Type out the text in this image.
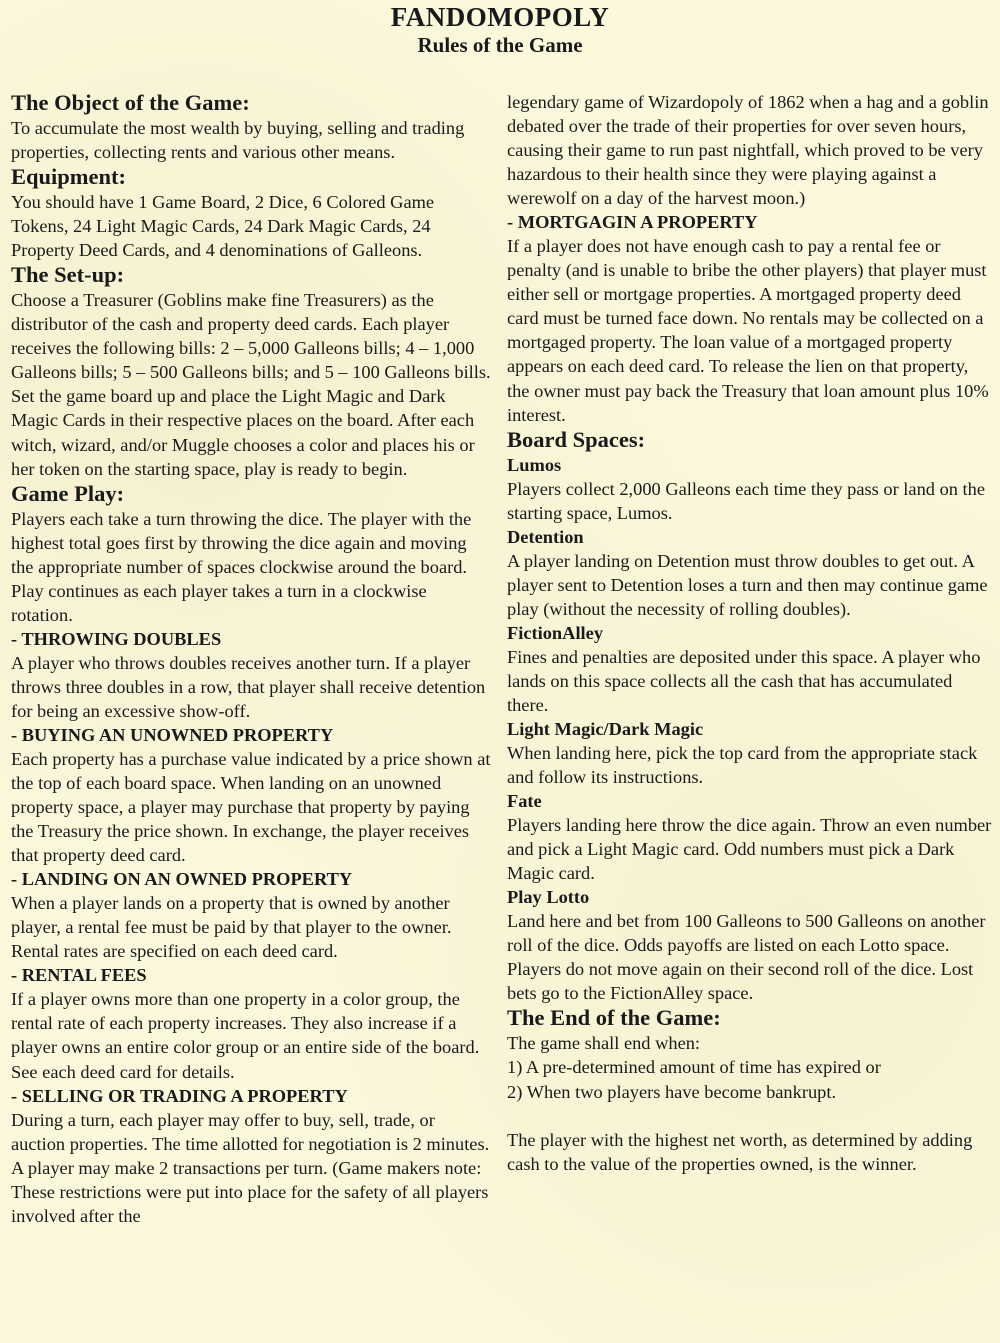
FANDOMOPOLY
Rules of the Game
The Object of the Game:

To accumulate the most wealth by buying, selling and trading properties, collecting rents and various other means.

Equipment:

You should have 1 Game Board, 2 Dice, 6 Colored Game Tokens, 24 Light Magic Cards, 24 Dark Magic Cards, 24 Property Deed Cards, and 4 denominations of Galleons.

The Set-up:

Choose a Treasurer (Goblins make fine Treasurers) as the distributor of the cash and property deed cards. Each player receives the following bills: 2 – 5,000 Galleons bills; 4 – 1,000 Galleons bills; 5 – 500 Galleons bills; and 5 – 100 Galleons bills.

Set the game board up and place the Light Magic and Dark Magic Cards in their respective places on the board. After each witch, wizard, and/or Muggle chooses a color and places his or her token on the starting space, play is ready to begin.

Game Play:

Players each take a turn throwing the dice. The player with the highest total goes first by throwing the dice again and moving the appropriate number of spaces clockwise around the board. Play continues as each player takes a turn in a clockwise rotation.

- THROWING DOUBLES

A player who throws doubles receives another turn. If a player throws three doubles in a row, that player shall receive detention for being an excessive show-off.

- BUYING AN UNOWNED PROPERTY

Each property has a purchase value indicated by a price shown at the top of each board space. When landing on an unowned property space, a player may purchase that property by paying the Treasury the price shown. In exchange, the player receives that property deed card.

- LANDING ON AN OWNED PROPERTY

When a player lands on a property that is owned by another player, a rental fee must be paid by that player to the owner. Rental rates are specified on each deed card.

- RENTAL FEES

If a player owns more than one property in a color group, the rental rate of each property increases. They also increase if a player owns an entire color group or an entire side of the board. See each deed card for details.

- SELLING OR TRADING A PROPERTY

During a turn, each player may offer to buy, sell, trade, or auction properties. The time allotted for negotiation is 2 minutes. A player may make 2 transactions per turn. (Game makers note: These restrictions were put into place for the safety of all players involved after the

legendary game of Wizardopoly of 1862 when a hag and a goblin debated over the trade of their properties for over seven hours, causing their game to run past nightfall, which proved to be very hazardous to their health since they were playing against a werewolf on a day of the harvest moon.)

- MORTGAGIN A PROPERTY

If a player does not have enough cash to pay a rental fee or penalty (and is unable to bribe the other players) that player must either sell or mortgage properties. A mortgaged property deed card must be turned face down. No rentals may be collected on a mortgaged property. The loan value of a mortgaged property appears on each deed card. To release the lien on that property, the owner must pay back the Treasury that loan amount plus 10% interest.

Board Spaces:
Lumos

Players collect 2,000 Galleons each time they pass or land on the starting space, Lumos.

Detention

A player landing on Detention must throw doubles to get out. A player sent to Detention loses a turn and then may continue game play (without the necessity of rolling doubles).

FictionAlley

Fines and penalties are deposited under this space. A player who lands on this space collects all the cash that has accumulated there.

Light Magic/Dark Magic

When landing here, pick the top card from the appropriate stack and follow its instructions.

Fate

Players landing here throw the dice again. Throw an even number and pick a Light Magic card. Odd numbers must pick a Dark Magic card.

Play Lotto

Land here and bet from 100 Galleons to 500 Galleons on another roll of the dice. Odds payoffs are listed on each Lotto space. Players do not move again on their second roll of the dice. Lost bets go to the FictionAlley space.

The End of the Game:

The game shall end when:

1) A pre-determined amount of time has expired or

2) When two players have become bankrupt.

The player with the highest net worth, as determined by adding cash to the value of the properties owned, is the winner.
